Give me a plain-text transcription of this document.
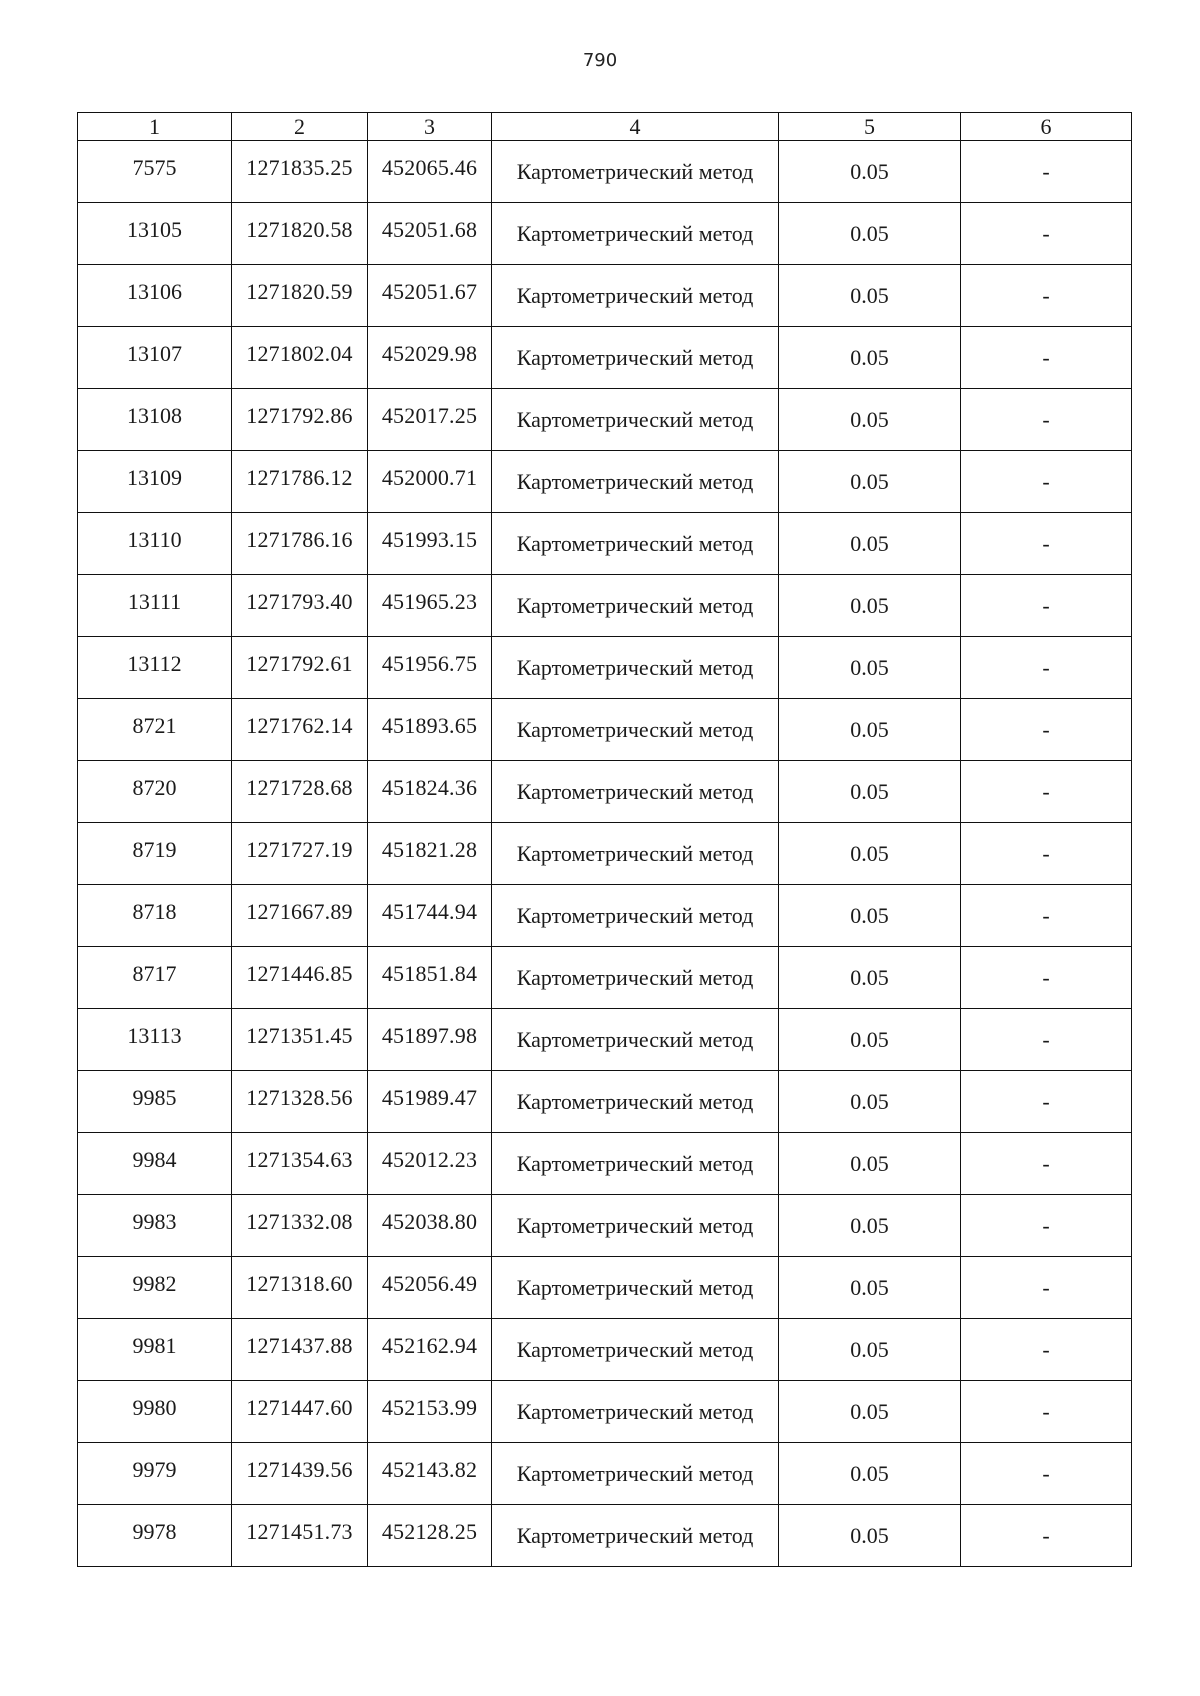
790
1	2	3	4	5	6
7575	1271835.25	452065.46	Картометрический метод	0.05	-
13105	1271820.58	452051.68	Картометрический метод	0.05	-
13106	1271820.59	452051.67	Картометрический метод	0.05	-
13107	1271802.04	452029.98	Картометрический метод	0.05	-
13108	1271792.86	452017.25	Картометрический метод	0.05	-
13109	1271786.12	452000.71	Картометрический метод	0.05	-
13110	1271786.16	451993.15	Картометрический метод	0.05	-
13111	1271793.40	451965.23	Картометрический метод	0.05	-
13112	1271792.61	451956.75	Картометрический метод	0.05	-
8721	1271762.14	451893.65	Картометрический метод	0.05	-
8720	1271728.68	451824.36	Картометрический метод	0.05	-
8719	1271727.19	451821.28	Картометрический метод	0.05	-
8718	1271667.89	451744.94	Картометрический метод	0.05	-
8717	1271446.85	451851.84	Картометрический метод	0.05	-
13113	1271351.45	451897.98	Картометрический метод	0.05	-
9985	1271328.56	451989.47	Картометрический метод	0.05	-
9984	1271354.63	452012.23	Картометрический метод	0.05	-
9983	1271332.08	452038.80	Картометрический метод	0.05	-
9982	1271318.60	452056.49	Картометрический метод	0.05	-
9981	1271437.88	452162.94	Картометрический метод	0.05	-
9980	1271447.60	452153.99	Картометрический метод	0.05	-
9979	1271439.56	452143.82	Картометрический метод	0.05	-
9978	1271451.73	452128.25	Картометрический метод	0.05	-
